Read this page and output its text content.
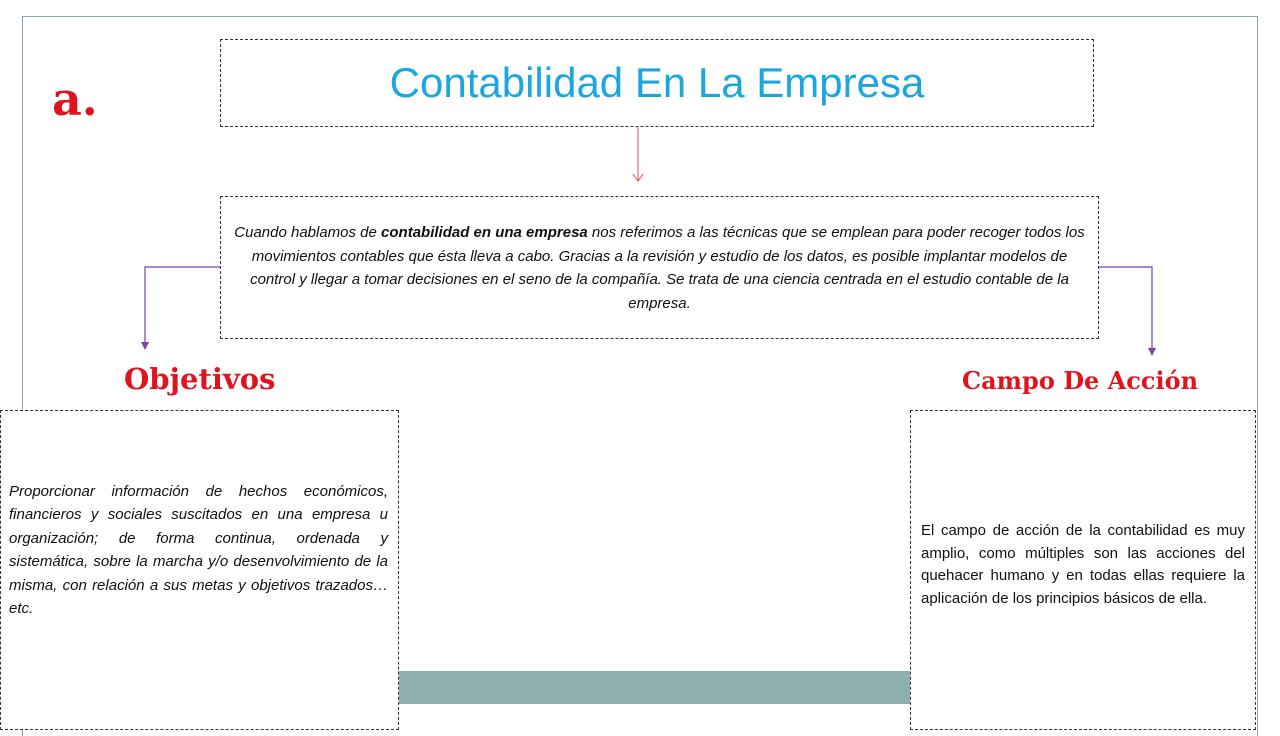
a.	Contabilidad En La Empresa
Cuando hablamos de contabilidad en una empresa nos referimos a las técnicas que se emplean para poder recoger todos los movimientos contables que ésta lleva a cabo. Gracias a la revisión y estudio de los datos, es posible implantar modelos de control y llegar a tomar decisiones en el seno de la compañía. Se trata de una ciencia centrada en el estudio contable de la empresa.
Objetivos	Campo De Acción
Proporcionar información de hechos económicos, financieros y sociales suscitados en una empresa u organización; de forma continua, ordenada y sistemática, sobre la marcha y/o desenvolvimiento de la misma, con relación a sus metas y objetivos trazados… etc.
El campo de acción de la contabilidad es muy amplio, como múltiples son las acciones del quehacer humano y en todas ellas requiere la aplicación de los principios básicos de ella.
